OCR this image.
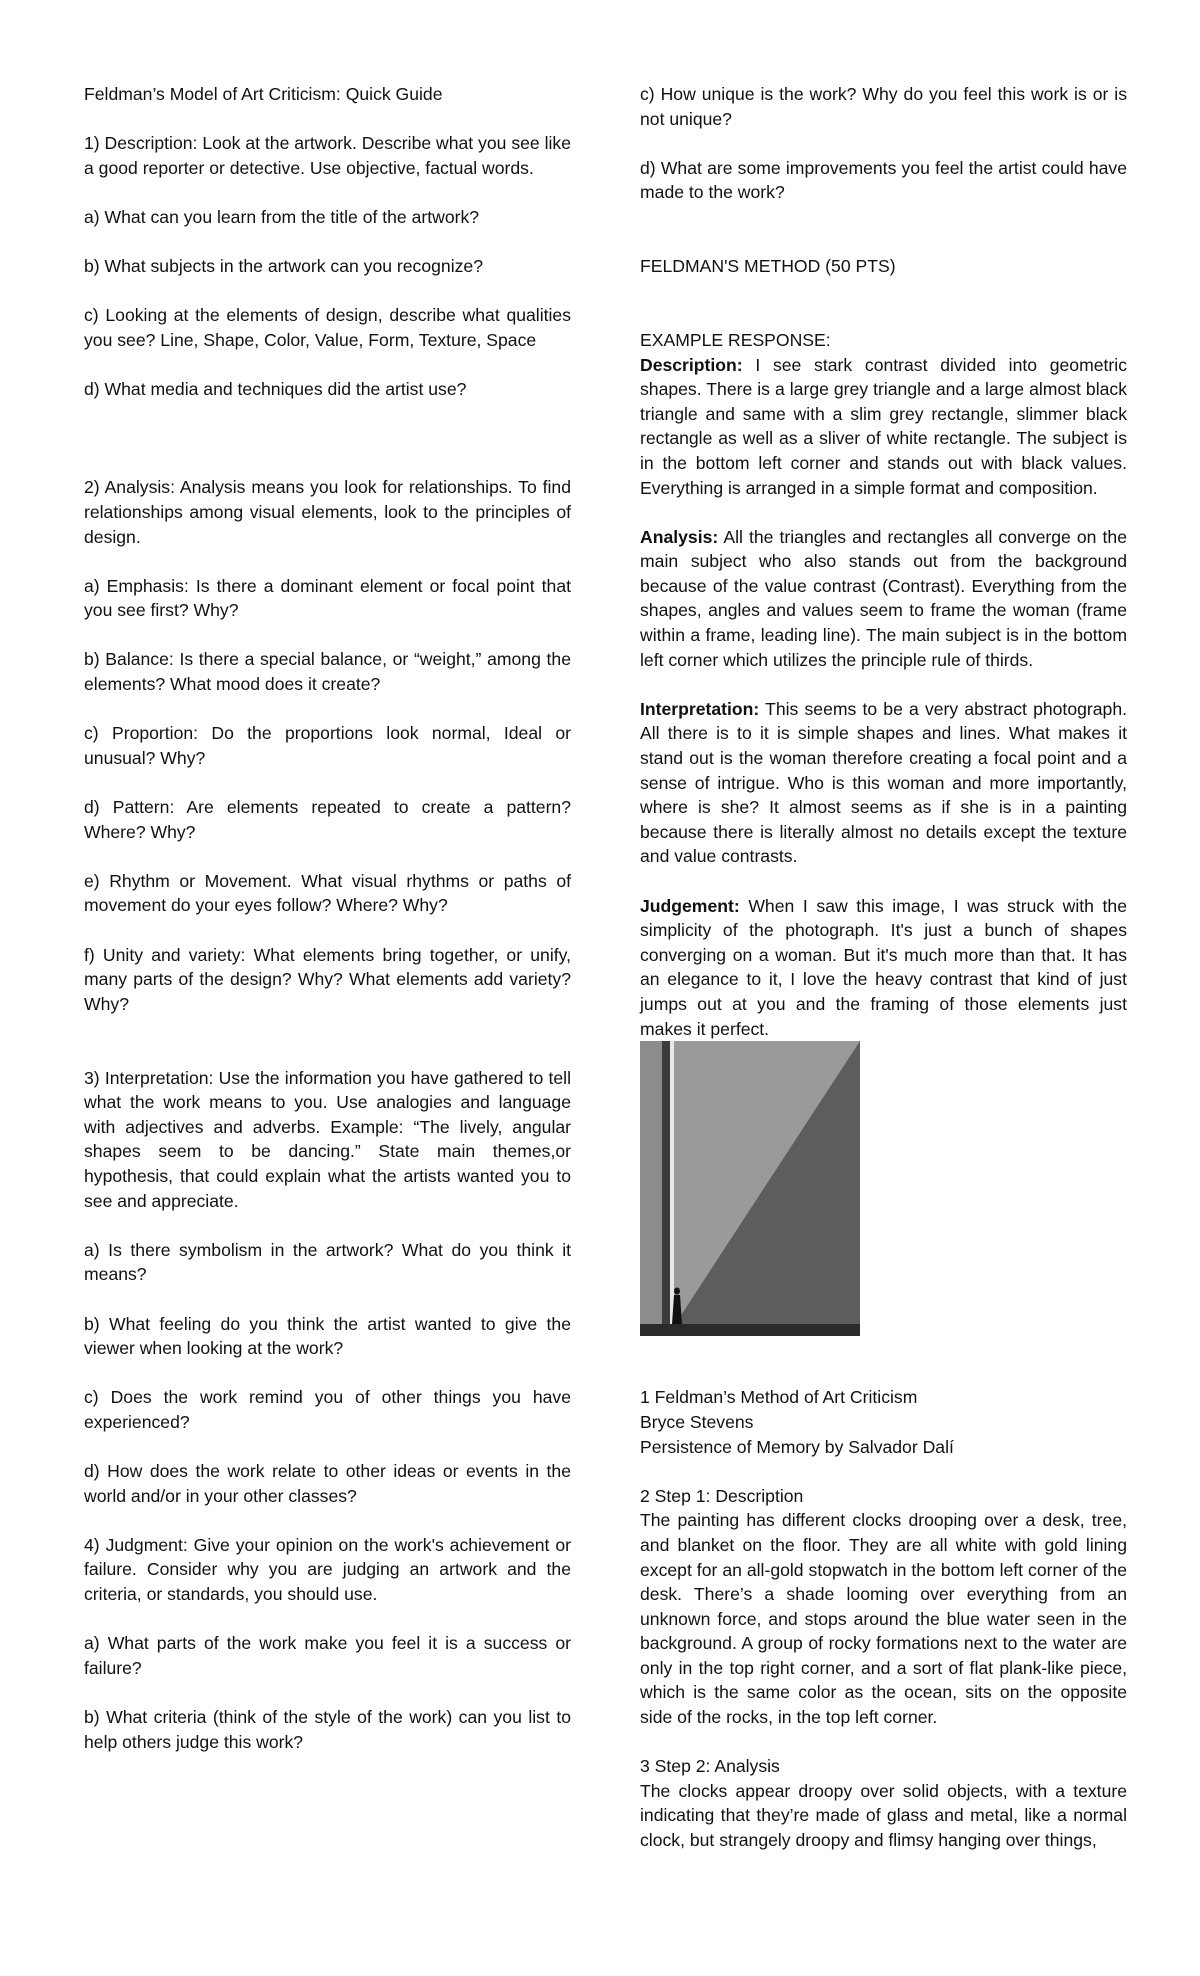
Feldman’s Model of Art Criticism: Quick Guide

1) Description: Look at the artwork. Describe what you see like a good reporter or detective. Use objective, factual words.

a) What can you learn from the title of the artwork?

b) What subjects in the artwork can you recognize?

c) Looking at the elements of design, describe what qualities you see? Line, Shape, Color, Value, Form, Texture, Space

d) What media and techniques did the artist use?

2) Analysis: Analysis means you look for relationships. To find relationships among visual elements, look to the principles of design.

a) Emphasis: Is there a dominant element or focal point that you see first? Why?

b) Balance: Is there a special balance, or “weight,” among the elements? What mood does it create?

c) Proportion: Do the proportions look normal, Ideal or unusual? Why?

d) Pattern: Are elements repeated to create a pattern? Where? Why?

e) Rhythm or Movement. What visual rhythms or paths of movement do your eyes follow? Where? Why?

f) Unity and variety: What elements bring together, or unify, many parts of the design? Why? What elements add variety? Why?

3) Interpretation: Use the information you have gathered to tell what the work means to you. Use analogies and language with adjectives and adverbs. Example: “The lively, angular shapes seem to be dancing.” State main themes,or hypothesis, that could explain what the artists wanted you to see and appreciate.

a) Is there symbolism in the artwork? What do you think it means?

b) What feeling do you think the artist wanted to give the viewer when looking at the work?

c) Does the work remind you of other things you have experienced?

d) How does the work relate to other ideas or events in the world and/or in your other classes?

4) Judgment: Give your opinion on the work's achievement or failure. Consider why you are judging an artwork and the criteria, or standards, you should use.

a) What parts of the work make you feel it is a success or failure?

b) What criteria (think of the style of the work) can you list to help others judge this work?

c) How unique is the work? Why do you feel this work is or is not unique?

d) What are some improvements you feel the artist could have made to the work?

FELDMAN'S METHOD (50 PTS)

EXAMPLE RESPONSE:

Description: I see stark contrast divided into geometric shapes. There is a large grey triangle and a large almost black triangle and same with a slim grey rectangle, slimmer black rectangle as well as a sliver of white rectangle. The subject is in the bottom left corner and stands out with black values. Everything is arranged in a simple format and composition.

Analysis: All the triangles and rectangles all converge on the main subject who also stands out from the background because of the value contrast (Contrast). Everything from the shapes, angles and values seem to frame the woman (frame within a frame, leading line). The main subject is in the bottom left corner which utilizes the principle rule of thirds.

Interpretation: This seems to be a very abstract photograph. All there is to it is simple shapes and lines. What makes it stand out is the woman therefore creating a focal point and a sense of intrigue. Who is this woman and more importantly, where is she? It almost seems as if she is in a painting because there is literally almost no details except the texture and value contrasts.

Judgement: When I saw this image, I was struck with the simplicity of the photograph. It's just a bunch of shapes converging on a woman. But it's much more than that. It has an elegance to it, I love the heavy contrast that kind of just jumps out at you and the framing of those elements just makes it perfect.

1 Feldman’s Method of Art Criticism
Bryce Stevens
Persistence of Memory by Salvador Dalí
2 Step 1: Description

The painting has different clocks drooping over a desk, tree, and blanket on the floor. They are all white with gold lining except for an all-gold stopwatch in the bottom left corner of the desk. There’s a shade looming over everything from an unknown force, and stops around the blue water seen in the background. A group of rocky formations next to the water are only in the top right corner, and a sort of flat plank-like piece, which is the same color as the ocean, sits on the opposite side of the rocks, in the top left corner.

3 Step 2: Analysis

The clocks appear droopy over solid objects, with a texture indicating that they’re made of glass and metal, like a normal clock, but strangely droopy and flimsy hanging over things,
